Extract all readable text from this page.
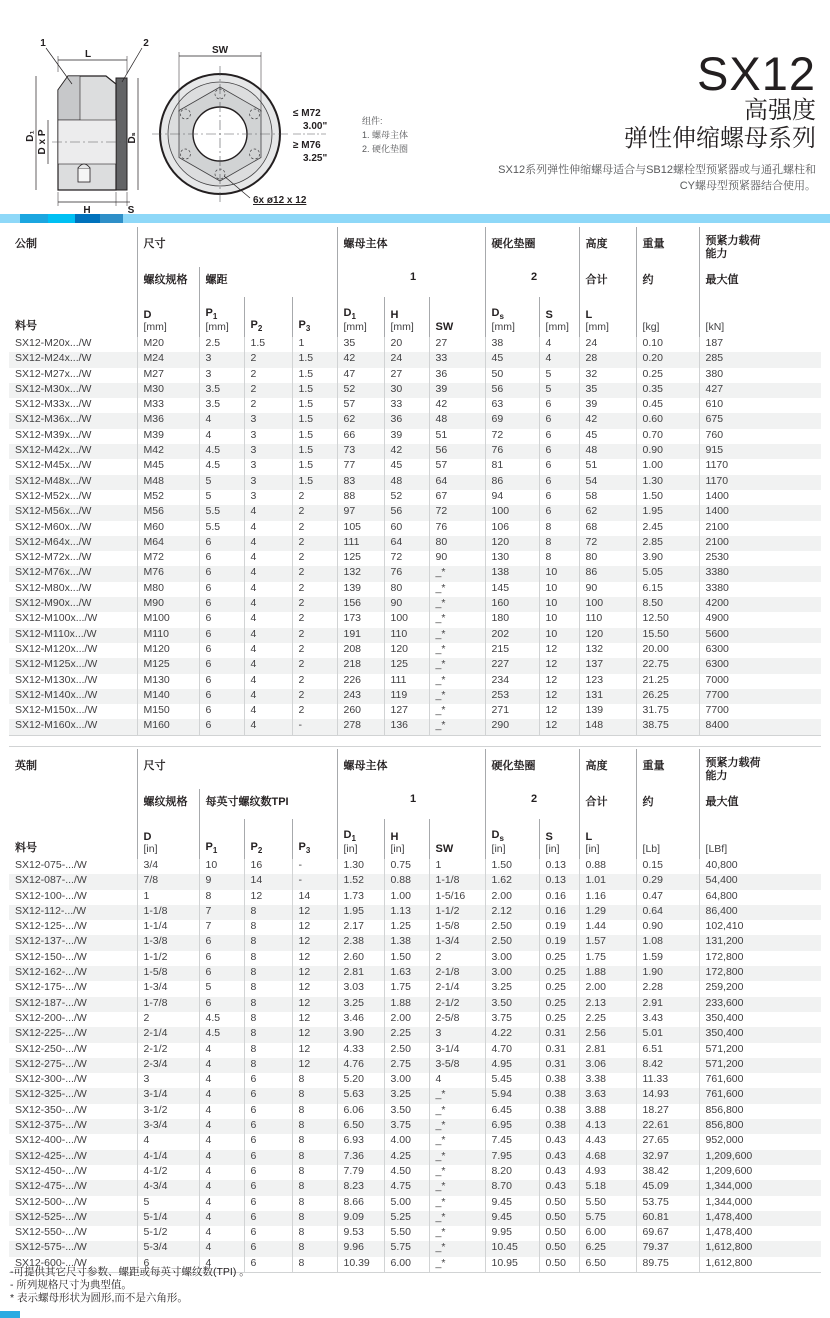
L
1	2
D₁ D x P	Dₛ
H	S
SW
6x ø12 x 12
≤ M72
3.00"
≥ M76
3.25"
组件:
1. 螺母主体
2. 硬化垫圈
SX12
高强度
弹性伸缩螺母系列
SX12系列弹性伸缩螺母适合与SB12螺栓型预紧器或与通孔螺柱和CY螺母型预紧器结合使用。
公制	尺寸				螺母主体			硬化垫圈		高度	重量	预紧力载荷能力
	螺纹规格	螺距			1			2		合计	约	最大值
料号	D
[mm]	$P_1$
[mm]	$P_2$	$P_3$	$D_1$
[mm]	H
[mm]	SW	$D_s$
[mm]	S
[mm]	L
[mm]	[kg]	[kN]

SX12-M20x.../W	M20	2.5	1.5	1	35	20	27	38	4	24	0.10	187
SX12-M24x.../W	M24	3	2	1.5	42	24	33	45	4	28	0.20	285
SX12-M27x.../W	M27	3	2	1.5	47	27	36	50	5	32	0.25	380
SX12-M30x.../W	M30	3.5	2	1.5	52	30	39	56	5	35	0.35	427
SX12-M33x.../W	M33	3.5	2	1.5	57	33	42	63	6	39	0.45	610
SX12-M36x.../W	M36	4	3	1.5	62	36	48	69	6	42	0.60	675
SX12-M39x.../W	M39	4	3	1.5	66	39	51	72	6	45	0.70	760
SX12-M42x.../W	M42	4.5	3	1.5	73	42	56	76	6	48	0.90	915
SX12-M45x.../W	M45	4.5	3	1.5	77	45	57	81	6	51	1.00	1170
SX12-M48x.../W	M48	5	3	1.5	83	48	64	86	6	54	1.30	1170
SX12-M52x.../W	M52	5	3	2	88	52	67	94	6	58	1.50	1400
SX12-M56x.../W	M56	5.5	4	2	97	56	72	100	6	62	1.95	1400
SX12-M60x.../W	M60	5.5	4	2	105	60	76	106	8	68	2.45	2100
SX12-M64x.../W	M64	6	4	2	111	64	80	120	8	72	2.85	2100
SX12-M72x.../W	M72	6	4	2	125	72	90	130	8	80	3.90	2530
SX12-M76x.../W	M76	6	4	2	132	76	_*	138	10	86	5.05	3380
SX12-M80x.../W	M80	6	4	2	139	80	_*	145	10	90	6.15	3380
SX12-M90x.../W	M90	6	4	2	156	90	_*	160	10	100	8.50	4200
SX12-M100x.../W	M100	6	4	2	173	100	_*	180	10	110	12.50	4900
SX12-M110x.../W	M110	6	4	2	191	110	_*	202	10	120	15.50	5600
SX12-M120x.../W	M120	6	4	2	208	120	_*	215	12	132	20.00	6300
SX12-M125x.../W	M125	6	4	2	218	125	_*	227	12	137	22.75	6300
SX12-M130x.../W	M130	6	4	2	226	111	_*	234	12	123	21.25	7000
SX12-M140x.../W	M140	6	4	2	243	119	_*	253	12	131	26.25	7700
SX12-M150x.../W	M150	6	4	2	260	127	_*	271	12	139	31.75	7700
SX12-M160x.../W	M160	6	4	-	278	136	_*	290	12	148	38.75	8400
英制	尺寸				螺母主体			硬化垫圈		高度	重量	预紧力载荷能力
	螺纹规格	每英寸螺纹数TPI			1			2		合计	约	最大值
料号	D
[in]	$P_1$	$P_2$	$P_3$	$D_1$
[in]	H
[in]	SW	$D_s$
[in]	S
[in]	L
[in]	[Lb]	[LBf]

SX12-075-.../W	3/4	10	16	-	1.30	0.75	1	1.50	0.13	0.88	0.15	40,800
SX12-087-.../W	7/8	9	14	-	1.52	0.88	1-1/8	1.62	0.13	1.01	0.29	54,400
SX12-100-.../W	1	8	12	14	1.73	1.00	1-5/16	2.00	0.16	1.16	0.47	64,800
SX12-112-.../W	1-1/8	7	8	12	1.95	1.13	1-1/2	2.12	0.16	1.29	0.64	86,400
SX12-125-.../W	1-1/4	7	8	12	2.17	1.25	1-5/8	2.50	0.19	1.44	0.90	102,410
SX12-137-.../W	1-3/8	6	8	12	2.38	1.38	1-3/4	2.50	0.19	1.57	1.08	131,200
SX12-150-.../W	1-1/2	6	8	12	2.60	1.50	2	3.00	0.25	1.75	1.59	172,800
SX12-162-.../W	1-5/8	6	8	12	2.81	1.63	2-1/8	3.00	0.25	1.88	1.90	172,800
SX12-175-.../W	1-3/4	5	8	12	3.03	1.75	2-1/4	3.25	0.25	2.00	2.28	259,200
SX12-187-.../W	1-7/8	6	8	12	3.25	1.88	2-1/2	3.50	0.25	2.13	2.91	233,600
SX12-200-.../W	2	4.5	8	12	3.46	2.00	2-5/8	3.75	0.25	2.25	3.43	350,400
SX12-225-.../W	2-1/4	4.5	8	12	3.90	2.25	3	4.22	0.31	2.56	5.01	350,400
SX12-250-.../W	2-1/2	4	8	12	4.33	2.50	3-1/4	4.70	0.31	2.81	6.51	571,200
SX12-275-.../W	2-3/4	4	8	12	4.76	2.75	3-5/8	4.95	0.31	3.06	8.42	571,200
SX12-300-.../W	3	4	6	8	5.20	3.00	4	5.45	0.38	3.38	11.33	761,600
SX12-325-.../W	3-1/4	4	6	8	5.63	3.25	_*	5.94	0.38	3.63	14.93	761,600
SX12-350-.../W	3-1/2	4	6	8	6.06	3.50	_*	6.45	0.38	3.88	18.27	856,800
SX12-375-.../W	3-3/4	4	6	8	6.50	3.75	_*	6.95	0.38	4.13	22.61	856,800
SX12-400-.../W	4	4	6	8	6.93	4.00	_*	7.45	0.43	4.43	27.65	952,000
SX12-425-.../W	4-1/4	4	6	8	7.36	4.25	_*	7.95	0.43	4.68	32.97	1,209,600
SX12-450-.../W	4-1/2	4	6	8	7.79	4.50	_*	8.20	0.43	4.93	38.42	1,209,600
SX12-475-.../W	4-3/4	4	6	8	8.23	4.75	_*	8.70	0.43	5.18	45.09	1,344,000
SX12-500-.../W	5	4	6	8	8.66	5.00	_*	9.45	0.50	5.50	53.75	1,344,000
SX12-525-.../W	5-1/4	4	6	8	9.09	5.25	_*	9.45	0.50	5.75	60.81	1,478,400
SX12-550-.../W	5-1/2	4	6	8	9.53	5.50	_*	9.95	0.50	6.00	69.67	1,478,400
SX12-575-.../W	5-3/4	4	6	8	9.96	5.75	_*	10.45	0.50	6.25	79.37	1,612,800
SX12-600-.../W	6	4	6	8	10.39	6.00	_*	10.95	0.50	6.50	89.75	1,612,800
-可提供其它尺寸参数、螺距或每英寸螺纹数(TPI) 。
- 所列规格尺寸为典型值。
* 表示螺母形状为圆形,而不是六角形。
